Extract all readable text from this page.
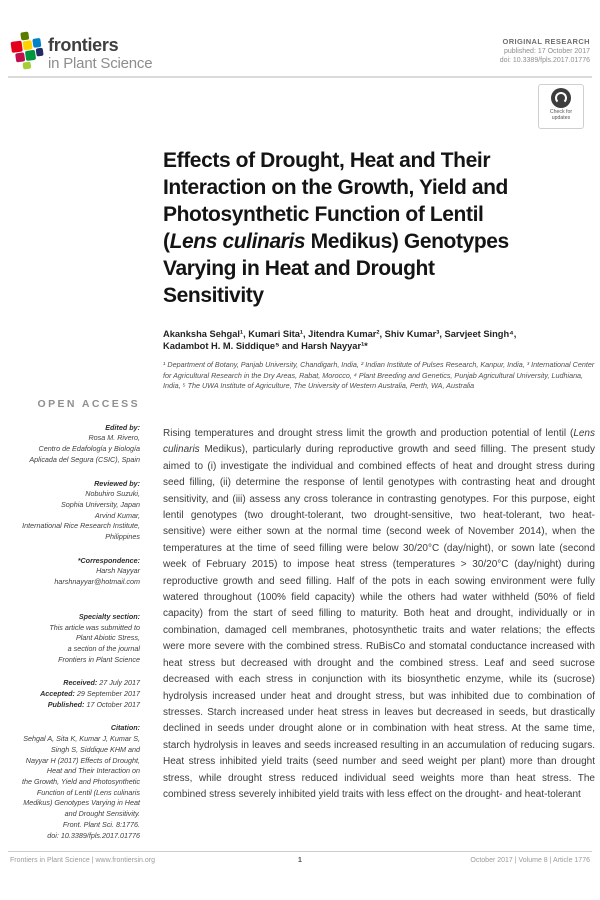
frontiers
in Plant Science
ORIGINAL RESEARCH
published: 17 October 2017
doi: 10.3389/fpls.2017.01776
Check for
updates
Effects of Drought, Heat and Their
Interaction on the Growth, Yield and
Photosynthetic Function of Lentil
(Lens culinaris Medikus) Genotypes
Varying in Heat and Drought
Sensitivity
Akanksha Sehgal¹, Kumari Sita¹, Jitendra Kumar², Shiv Kumar³, Sarvjeet Singh⁴,
Kadambot H. M. Siddique⁵ and Harsh Nayyar¹*
¹ Department of Botany, Panjab University, Chandigarh, India, ² Indian Institute of Pulses Research, Kanpur, India, ³ International Center for Agricultural Research in the Dry Areas, Rabat, Morocco, ⁴ Plant Breeding and Genetics, Punjab Agricultural University, Ludhiana, India, ⁵ The UWA Institute of Agriculture, The University of Western Australia, Perth, WA, Australia

Rising temperatures and drought stress limit the growth and production potential of lentil (Lens culinaris Medikus), particularly during reproductive growth and seed filling. The present study aimed to (i) investigate the individual and combined effects of heat and drought stress during seed filling, (ii) determine the response of lentil genotypes with contrasting heat and drought sensitivity, and (iii) assess any cross tolerance in contrasting genotypes. For this purpose, eight lentil genotypes (two drought-tolerant, two drought-sensitive, two heat-tolerant, two heat-sensitive) were either sown at the normal time (second week of November 2014), when the temperatures at the time of seed filling were below 30/20°C (day/night), or sown late (second week of February 2015) to impose heat stress (temperatures > 30/20°C (day/night) during reproductive growth and seed filling. Half of the pots in each sowing environment were fully watered throughout (100% field capacity) while the others had water withheld (50% of field capacity) from the start of seed filling to maturity. Both heat and drought, individually or in combination, damaged cell membranes, photosynthetic traits and water relations; the effects were more severe with the combined stress. RuBisCo and stomatal conductance increased with heat stress but decreased with drought and the combined stress. Leaf and seed sucrose decreased with each stress in conjunction with its biosynthetic enzyme, while its (sucrose) hydrolysis increased under heat and drought stress, but was inhibited due to combination of stresses. Starch increased under heat stress in leaves but decreased in seeds, but drastically declined in seeds under drought alone or in combination with heat stress. At the same time, starch hydrolysis in leaves and seeds increased resulting in an accumulation of reducing sugars. Heat stress inhibited yield traits (seed number and seed weight per plant) more than drought stress, while drought stress reduced individual seed weights more than heat stress. The combined stress severely inhibited yield traits with less effect on the drought- and heat-tolerant

OPEN ACCESS
Edited by:
Rosa M. Rivero,
Centro de Edafología y Biología
Aplicada del Segura (CSIC), Spain
Reviewed by:
Nobuhiro Suzuki,
Sophia University, Japan
Arvind Kumar,
International Rice Research Institute,
Philippines
*Correspondence:
Harsh Nayyar
harshnayyar@hotmail.com
Specialty section:
This article was submitted to
Plant Abiotic Stress,
a section of the journal
Frontiers in Plant Science
Received: 27 July 2017
Accepted: 29 September 2017
Published: 17 October 2017
Citation:
Sehgal A, Sita K, Kumar J, Kumar S,
Singh S, Siddique KHM and
Nayyar H (2017) Effects of Drought,
Heat and Their Interaction on
the Growth, Yield and Photosynthetic
Function of Lentil (Lens culinaris
Medikus) Genotypes Varying in Heat
and Drought Sensitivity.
Front. Plant Sci. 8:1776.
doi: 10.3389/fpls.2017.01776
Frontiers in Plant Science | www.frontiersin.org	1	October 2017 | Volume 8 | Article 1776
